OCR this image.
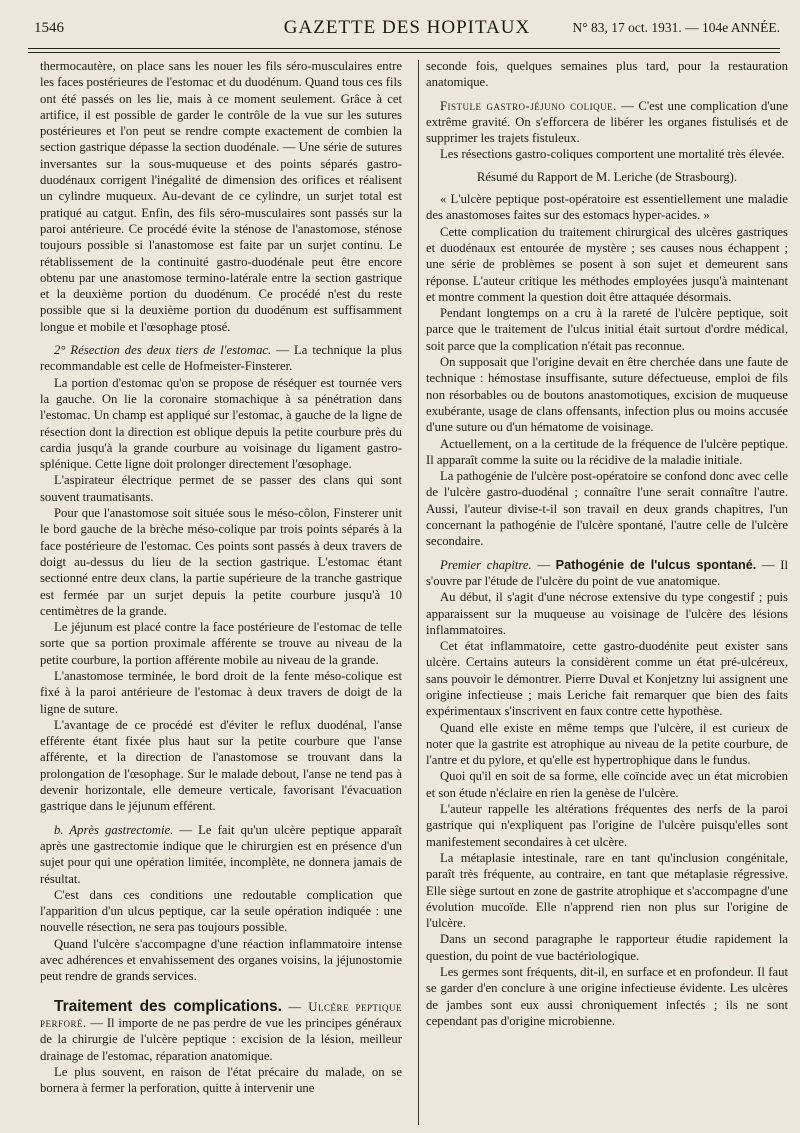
1546	GAZETTE DES HOPITAUX	N° 83, 17 oct. 1931. — 104e ANNÉE.

thermocautère, on place sans les nouer les fils séro-musculaires entre les faces postérieures de l'estomac et du duodénum. Quand tous ces fils ont été passés on les lie, mais à ce moment seulement. Grâce à cet artifice, il est possible de garder le contrôle de la vue sur les sutures postérieures et l'on peut se rendre compte exactement de combien la section gastrique dépasse la section duodénale. — Une série de sutures inversantes sur la sous-muqueuse et des points séparés gastro-duodénaux corrigent l'inégalité de dimension des orifices et réalisent un cylindre muqueux. Au-devant de ce cylindre, un surjet total est pratiqué au catgut. Enfin, des fils séro-musculaires sont passés sur la paroi antérieure. Ce procédé évite la sténose de l'anastomose, sténose toujours possible si l'anastomose est faite par un surjet continu. Le rétablissement de la continuité gastro-duodénale peut être encore obtenu par une anastomose termino-latérale entre la section gastrique et la deuxième portion du duodénum. Ce procédé n'est du reste possible que si la deuxième portion du duodénum est suffisamment longue et mobile et l'œsophage ptosé.

2° Résection des deux tiers de l'estomac. — La technique la plus recommandable est celle de Hofmeister-Finsterer.

La portion d'estomac qu'on se propose de réséquer est tournée vers la gauche. On lie la coronaire stomachique à sa pénétration dans l'estomac. Un champ est appliqué sur l'estomac, à gauche de la ligne de résection dont la direction est oblique depuis la petite courbure près du cardia jusqu'à la grande courbure au voisinage du ligament gastro-splénique. Cette ligne doit prolonger directement l'œsophage.

L'aspirateur électrique permet de se passer des clans qui sont souvent traumatisants.

Pour que l'anastomose soit située sous le méso-côlon, Finsterer unit le bord gauche de la brèche méso-colique par trois points séparés à la face postérieure de l'estomac. Ces points sont passés à deux travers de doigt au-dessus du lieu de la section gastrique. L'estomac étant sectionné entre deux clans, la partie supérieure de la tranche gastrique est fermée par un surjet depuis la petite courbure jusqu'à 10 centimètres de la grande.

Le jéjunum est placé contre la face postérieure de l'estomac de telle sorte que sa portion proximale afférente se trouve au niveau de la petite courbure, la portion afférente mobile au niveau de la grande.

L'anastomose terminée, le bord droit de la fente méso-colique est fixé à la paroi antérieure de l'estomac à deux travers de doigt de la ligne de suture.

L'avantage de ce procédé est d'éviter le reflux duodénal, l'anse efférente étant fixée plus haut sur la petite courbure que l'anse afférente, et la direction de l'anastomose se trouvant dans la prolongation de l'œsophage. Sur le malade debout, l'anse ne tend pas à devenir horizontale, elle demeure verticale, favorisant l'évacuation gastrique dans le jéjunum efférent.

b. Après gastrectomie. — Le fait qu'un ulcère peptique apparaît après une gastrectomie indique que le chirurgien est en présence d'un sujet pour qui une opération limitée, incomplète, ne donnera jamais de résultat.

C'est dans ces conditions une redoutable complication que l'apparition d'un ulcus peptique, car la seule opération indiquée : une nouvelle résection, ne sera pas toujours possible.

Quand l'ulcère s'accompagne d'une réaction inflammatoire intense avec adhérences et envahissement des organes voisins, la jéjunostomie peut rendre de grands services.

Traitement des complications. — Ulcère peptique perforé. — Il importe de ne pas perdre de vue les principes généraux de la chirurgie de l'ulcère peptique : excision de la lésion, meilleur drainage de l'estomac, réparation anatomique.

Le plus souvent, en raison de l'état précaire du malade, on se bornera à fermer la perforation, quitte à intervenir une

seconde fois, quelques semaines plus tard, pour la restauration anatomique.

Fistule gastro-jéjuno colique. — C'est une complication d'une extrême gravité. On s'efforcera de libérer les organes fistulisés et de supprimer les trajets fistuleux.

Les résections gastro-coliques comportent une mortalité très élevée.

Résumé du Rapport de M. Leriche (de Strasbourg).

« L'ulcère peptique post-opératoire est essentiellement une maladie des anastomoses faites sur des estomacs hyper-acides. »

Cette complication du traitement chirurgical des ulcères gastriques et duodénaux est entourée de mystère ; ses causes nous échappent ; une série de problèmes se posent à son sujet et demeurent sans réponse. L'auteur critique les méthodes employées jusqu'à maintenant et montre comment la question doit être attaquée désormais.

Pendant longtemps on a cru à la rareté de l'ulcère peptique, soit parce que le traitement de l'ulcus initial était surtout d'ordre médical, soit parce que la complication n'était pas reconnue.

On supposait que l'origine devait en être cherchée dans une faute de technique : hémostase insuffisante, suture défectueuse, emploi de fils non résorbables ou de boutons anastomotiques, excision de muqueuse exubérante, usage de clans offensants, infection plus ou moins accusée d'une suture ou d'un hématome de voisinage.

Actuellement, on a la certitude de la fréquence de l'ulcère peptique. Il apparaît comme la suite ou la récidive de la maladie initiale.

La pathogénie de l'ulcère post-opératoire se confond donc avec celle de l'ulcère gastro-duodénal ; connaître l'une serait connaître l'autre. Aussi, l'auteur divise-t-il son travail en deux grands chapitres, l'un concernant la pathogénie de l'ulcère spontané, l'autre celle de l'ulcère secondaire.

Premier chapitre. — Pathogénie de l'ulcus spontané. — Il s'ouvre par l'étude de l'ulcère du point de vue anatomique.

Au début, il s'agit d'une nécrose extensive du type congestif ; puis apparaissent sur la muqueuse au voisinage de l'ulcère des lésions inflammatoires.

Cet état inflammatoire, cette gastro-duodénite peut exister sans ulcère. Certains auteurs la considèrent comme un état pré-ulcéreux, sans pouvoir le démontrer. Pierre Duval et Konjetzny lui assignent une origine infectieuse ; mais Leriche fait remarquer que bien des faits expérimentaux s'inscrivent en faux contre cette hypothèse.

Quand elle existe en même temps que l'ulcère, il est curieux de noter que la gastrite est atrophique au niveau de la petite courbure, de l'antre et du pylore, et qu'elle est hypertrophique dans le fundus.

Quoi qu'il en soit de sa forme, elle coïncide avec un état microbien et son étude n'éclaire en rien la genèse de l'ulcère.

L'auteur rappelle les altérations fréquentes des nerfs de la paroi gastrique qui n'expliquent pas l'origine de l'ulcère puisqu'elles sont manifestement secondaires à cet ulcère.

La métaplasie intestinale, rare en tant qu'inclusion congénitale, paraît très fréquente, au contraire, en tant que métaplasie régressive. Elle siège surtout en zone de gastrite atrophique et s'accompagne d'une évolution mucoïde. Elle n'apprend rien non plus sur l'origine de l'ulcère.

Dans un second paragraphe le rapporteur étudie rapidement la question, du point de vue bactériologique.

Les germes sont fréquents, dit-il, en surface et en profondeur. Il faut se garder d'en conclure à une origine infectieuse évidente. Les ulcères de jambes sont eux aussi chroniquement infectés ; ils ne sont cependant pas d'origine microbienne.
